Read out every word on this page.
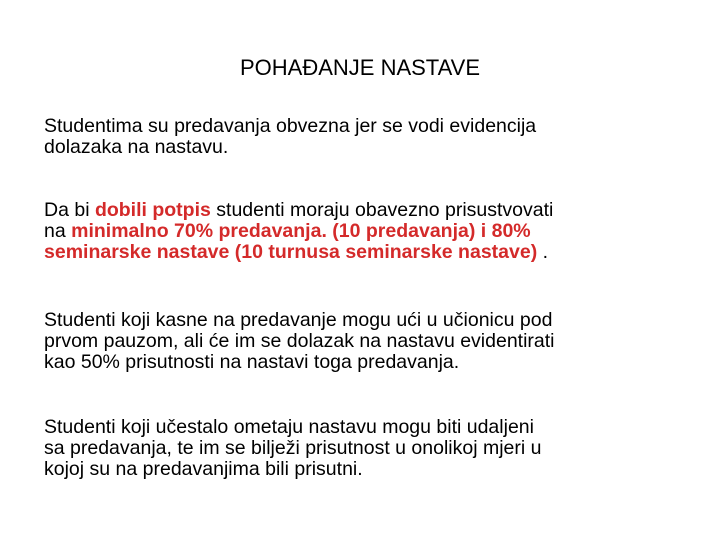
POHAĐANJE NASTAVE
Studentima su predavanja obvezna jer se vodi evidencija
dolazaka na nastavu.
Da bi dobili potpis studenti moraju obavezno prisustvovati
na minimalno 70% predavanja. (10 predavanja) i 80%
seminarske nastave (10 turnusa seminarske nastave) .
Studenti koji kasne na predavanje mogu ući u učionicu pod
prvom pauzom, ali će im se dolazak na nastavu evidentirati
kao 50% prisutnosti na nastavi toga predavanja.
Studenti koji učestalo ometaju nastavu mogu biti udaljeni
sa predavanja, te im se bilježi prisutnost u onolikoj mjeri u
kojoj su na predavanjima bili prisutni.
